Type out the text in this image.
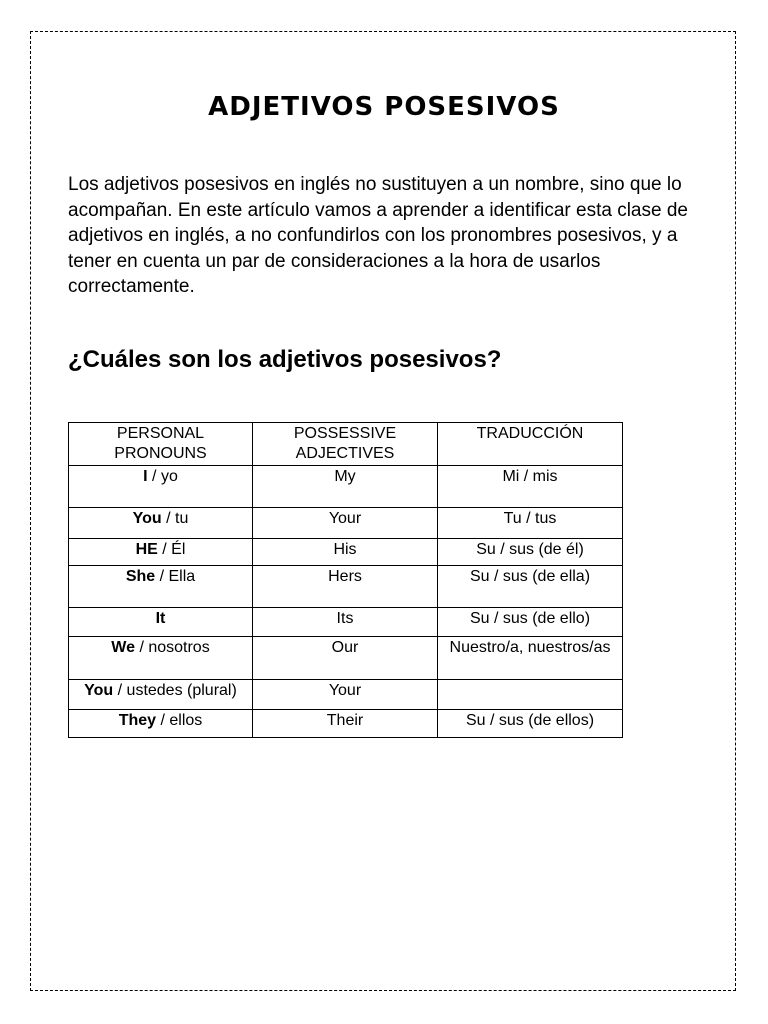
ADJETIVOS POSESIVOS

Los adjetivos posesivos en inglés no sustituyen a un nombre, sino que lo acompañan. En este artículo vamos a aprender a identificar esta clase de adjetivos en inglés, a no confundirlos con los pronombres posesivos, y a tener en cuenta un par de consideraciones a la hora de usarlos correctamente.

¿Cuáles son los adjetivos posesivos?
PERSONAL PRONOUNS	POSSESSIVE ADJECTIVES	TRADUCCIÓN
I / yo	My	Mi / mis
You / tu	Your	Tu / tus
HE / Él	His	Su / sus (de él)
She / Ella	Hers	Su / sus (de ella)
It	Its	Su / sus (de ello)
We / nosotros	Our	Nuestro/a, nuestros/as
You / ustedes (plural)	Your	
They / ellos	Their	Su / sus (de ellos)
